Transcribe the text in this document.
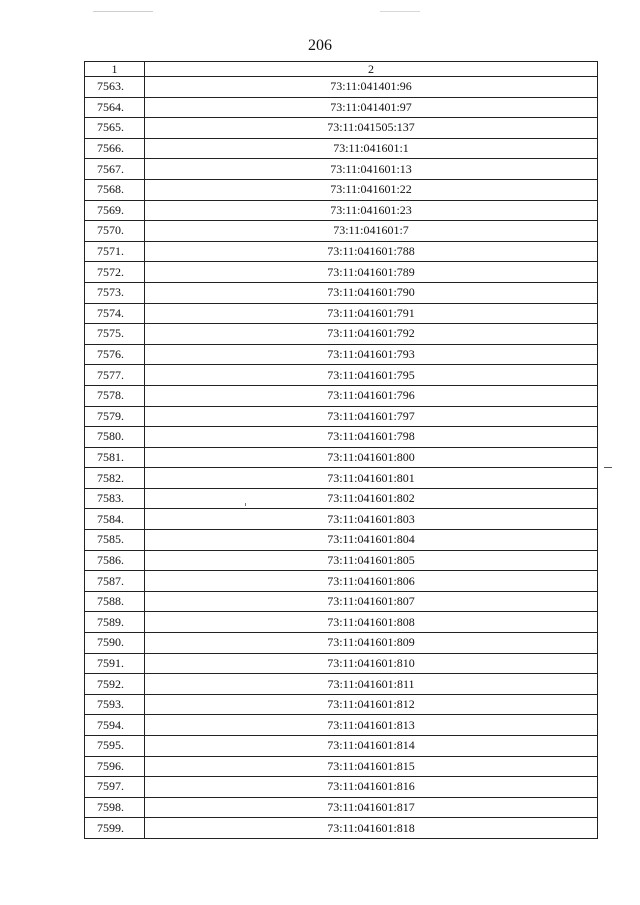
206
1	2
7563.	73:11:041401:96
7564.	73:11:041401:97
7565.	73:11:041505:137
7566.	73:11:041601:1
7567.	73:11:041601:13
7568.	73:11:041601:22
7569.	73:11:041601:23
7570.	73:11:041601:7
7571.	73:11:041601:788
7572.	73:11:041601:789
7573.	73:11:041601:790
7574.	73:11:041601:791
7575.	73:11:041601:792
7576.	73:11:041601:793
7577.	73:11:041601:795
7578.	73:11:041601:796
7579.	73:11:041601:797
7580.	73:11:041601:798
7581.	73:11:041601:800
7582.	73:11:041601:801
7583.	73:11:041601:802
7584.	73:11:041601:803
7585.	73:11:041601:804
7586.	73:11:041601:805
7587.	73:11:041601:806
7588.	73:11:041601:807
7589.	73:11:041601:808
7590.	73:11:041601:809
7591.	73:11:041601:810
7592.	73:11:041601:811
7593.	73:11:041601:812
7594.	73:11:041601:813
7595.	73:11:041601:814
7596.	73:11:041601:815
7597.	73:11:041601:816
7598.	73:11:041601:817
7599.	73:11:041601:818
